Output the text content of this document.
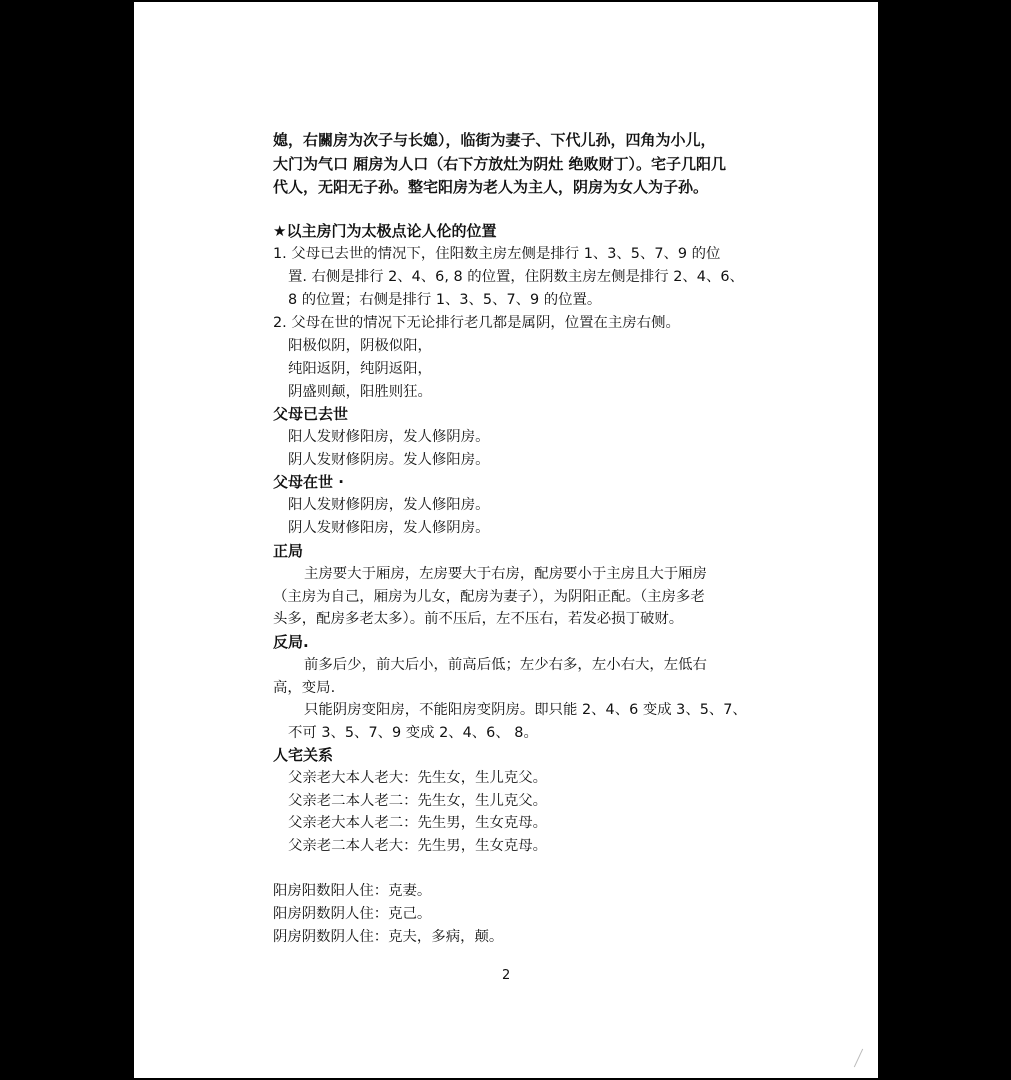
媳，右關房为次子与长媳），临街为妻子、下代儿孙，四角为小儿，
大门为气口 厢房为人口（右下方放灶为阴灶 绝败财丁）。宅子几阳几
代人，无阳无子孙。整宅阳房为老人为主人，阴房为女人为子孙。
★以主房门为太极点论人伦的位置
1. 父母已去世的情况下，住阳数主房左侧是排行 1、3、5、7、9 的位
置. 右侧是排行 2、4、6, 8 的位置，住阴数主房左侧是排行 2、4、6、
8 的位置；右侧是排行 1、3、5、7、9 的位置。
2. 父母在世的情况下无论排行老几都是属阴，位置在主房右侧。
阳极似阴，阴极似阳，
纯阳返阴，纯阴返阳，
阴盛则颠，阳胜则狂。
父母已去世
阳人发财修阳房，发人修阴房。
阴人发财修阴房。发人修阳房。
父母在世 ·
阳人发财修阴房，发人修阳房。
阴人发财修阳房，发人修阴房。
正局
主房要大于厢房，左房要大于右房，配房要小于主房且大于厢房
（主房为自己，厢房为儿女，配房为妻子），为阴阳正配。（主房多老
头多，配房多老太多）。前不压后，左不压右，若发必损丁破财。
反局.
前多后少，前大后小，前高后低；左少右多，左小右大，左低右
高，变局.
只能阴房变阳房，不能阳房变阴房。即只能 2、4、6 变成 3、5、7、
不可 3、5、7、9 变成 2、4、6、 8。
人宅关系
父亲老大本人老大：先生女，生儿克父。
父亲老二本人老二：先生女，生儿克父。
父亲老大本人老二：先生男，生女克母。
父亲老二本人老大：先生男，生女克母。
阳房阳数阳人住：克妻。
阳房阴数阴人住：克己。
阴房阴数阴人住：克夫，多病，颠。
2
